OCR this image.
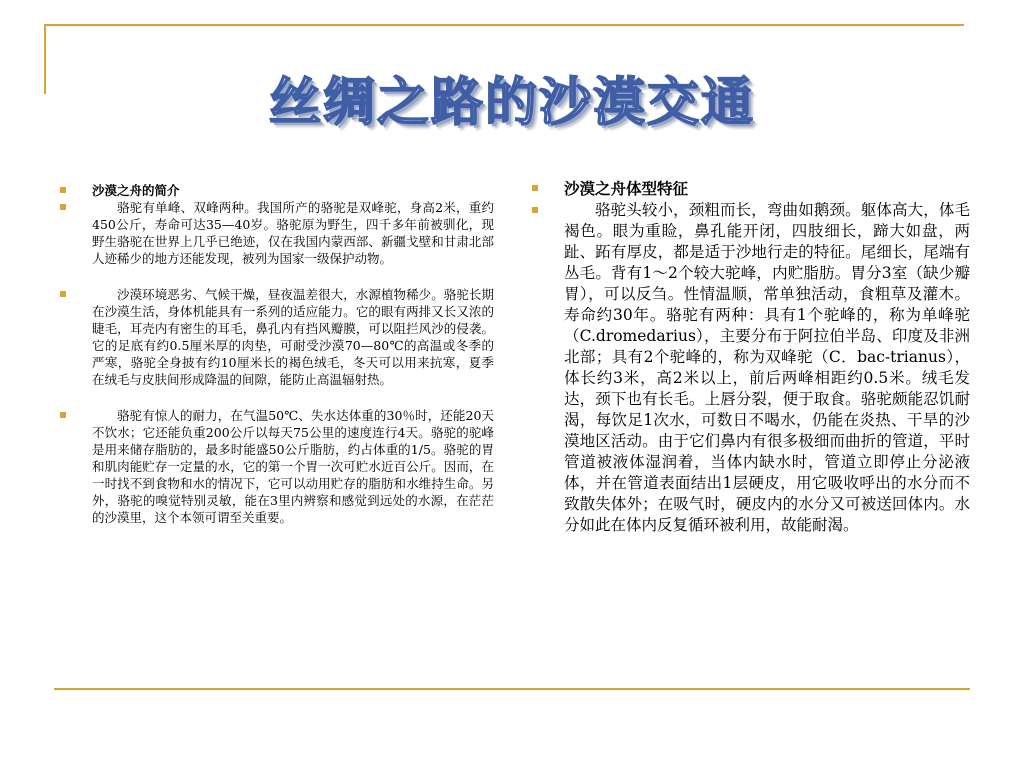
丝绸之路的沙漠交通
沙漠之舟的简介

骆驼有单峰、双峰两种。我国所产的骆驼是双峰驼，身高2米，重约450公斤，寿命可达35—40岁。骆驼原为野生，四千多年前被驯化，现野生骆驼在世界上几乎已绝迹，仅在我国内蒙西部、新疆戈壁和甘肃北部人迹稀少的地方还能发现，被列为国家一级保护动物。

沙漠环境恶劣、气候干燥，昼夜温差很大，水源植物稀少。骆驼长期在沙漠生活，身体机能具有一系列的适应能力。它的眼有两排又长又浓的睫毛，耳壳内有密生的耳毛，鼻孔内有挡风瓣膜，可以阻拦风沙的侵袭。它的足底有约0.5厘米厚的肉垫，可耐受沙漠70—80℃的高温或冬季的严寒，骆驼全身披有约10厘米长的褐色绒毛，冬天可以用来抗寒，夏季在绒毛与皮肤间形成降温的间隙，能防止高温辐射热。

骆驼有惊人的耐力，在气温50℃、失水达体重的30％时，还能20天不饮水；它还能负重200公斤以每天75公里的速度连行4天。骆驼的驼峰是用来储存脂肪的，最多时能盛50公斤脂肪，约占体重的1/5。骆驼的胃和肌肉能贮存一定量的水，它的第一个胃一次可贮水近百公斤。因而，在一时找不到食物和水的情况下，它可以动用贮存的脂肪和水维持生命。另外，骆驼的嗅觉特别灵敏，能在3里内辨察和感觉到远处的水源，在茫茫的沙漠里，这个本领可谓至关重要。

沙漠之舟体型特征

骆驼头较小，颈粗而长，弯曲如鹅颈。躯体高大，体毛褐色。眼为重睑，鼻孔能开闭，四肢细长，蹄大如盘，两趾、跖有厚皮，都是适于沙地行走的特征。尾细长，尾端有丛毛。背有1～2个较大驼峰，内贮脂肪。胃分3室（缺少瓣胃），可以反刍。性情温顺，常单独活动，食粗草及灌木。寿命约30年。骆驼有两种：具有1个驼峰的，称为单峰驼（C.dromedarius），主要分布于阿拉伯半岛、印度及非洲北部；具有2个驼峰的，称为双峰驼（C．bac-trianus），体长约3米，高2米以上，前后两峰相距约0.5米。绒毛发达，颈下也有长毛。上唇分裂，便于取食。骆驼颇能忍饥耐渴，每饮足1次水，可数日不喝水，仍能在炎热、干旱的沙漠地区活动。由于它们鼻内有很多极细而曲折的管道，平时管道被液体湿润着，当体内缺水时，管道立即停止分泌液体，并在管道表面结出1层硬皮，用它吸收呼出的水分而不致散失体外；在吸气时，硬皮内的水分又可被送回体内。水分如此在体内反复循环被利用，故能耐渴。
